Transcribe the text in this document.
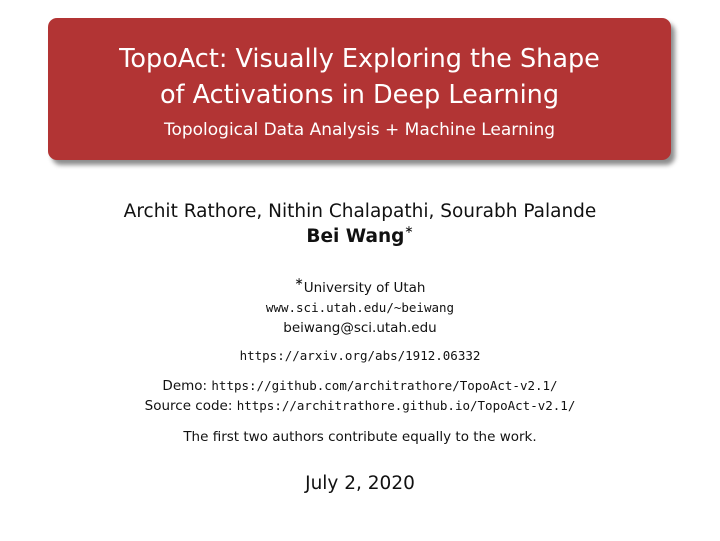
TopoAct: Visually Exploring the Shape
of Activations in Deep Learning
Topological Data Analysis + Machine Learning
Archit Rathore, Nithin Chalapathi, Sourabh Palande
Bei Wang∗
∗University of Utah
www.sci.utah.edu/~beiwang
beiwang@sci.utah.edu
https://arxiv.org/abs/1912.06332
Demo: https://github.com/architrathore/TopoAct-v2.1/
Source code: https://architrathore.github.io/TopoAct-v2.1/
The first two authors contribute equally to the work.
July 2, 2020
